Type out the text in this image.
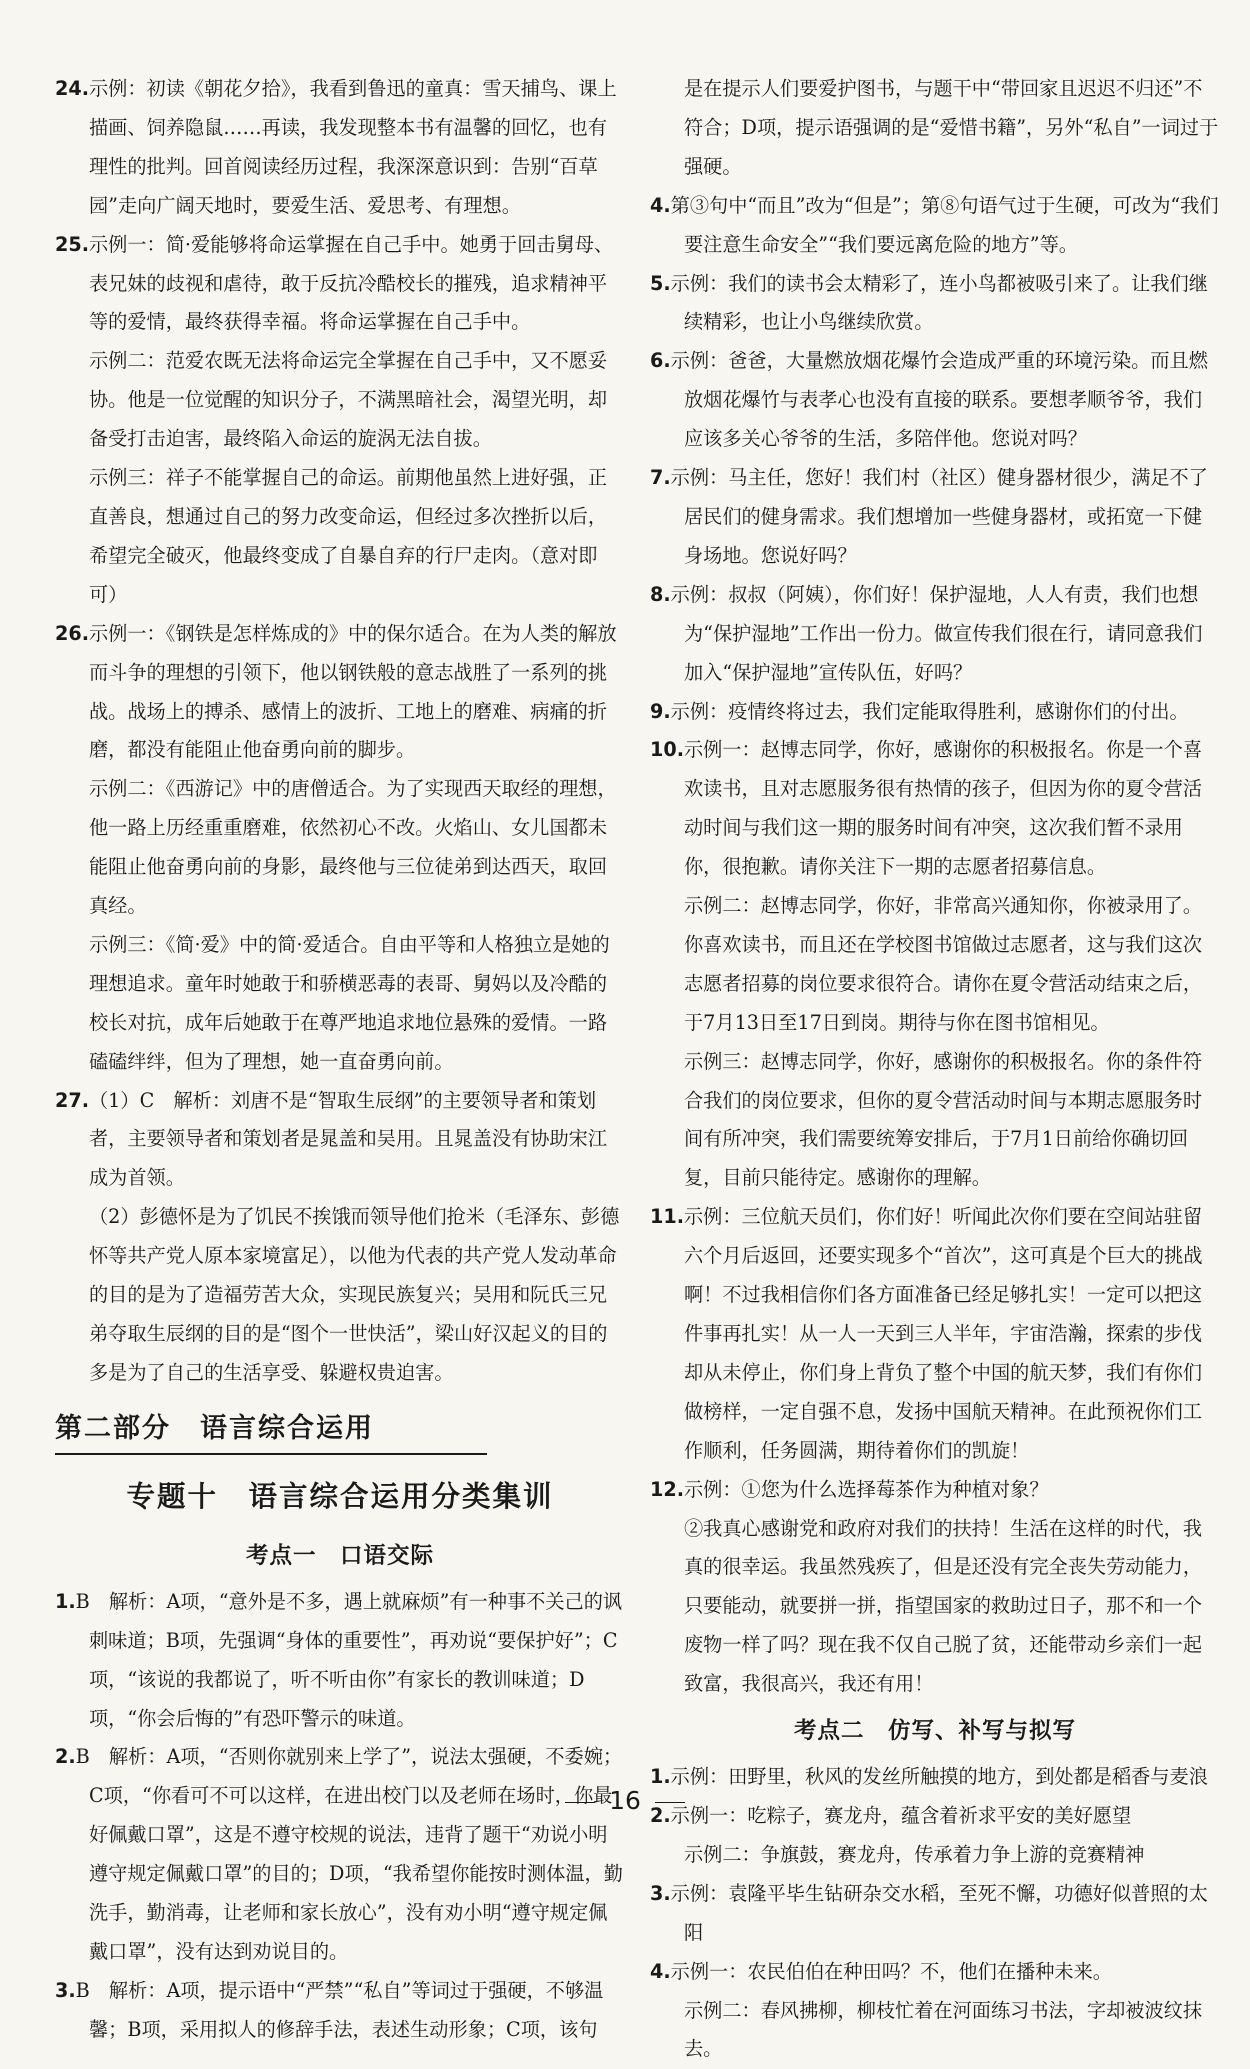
24.示例：初读《朝花夕拾》，我看到鲁迅的童真：雪天捕鸟、课上描画、饲养隐鼠……再读，我发现整本书有温馨的回忆，也有理性的批判。回首阅读经历过程，我深深意识到：告别“百草园”走向广阔天地时，要爱生活、爱思考、有理想。

25.示例一：简·爱能够将命运掌握在自己手中。她勇于回击舅母、表兄妹的歧视和虐待，敢于反抗冷酷校长的摧残，追求精神平等的爱情，最终获得幸福。将命运掌握在自己手中。

示例二：范爱农既无法将命运完全掌握在自己手中，又不愿妥协。他是一位觉醒的知识分子，不满黑暗社会，渴望光明，却备受打击迫害，最终陷入命运的旋涡无法自拔。

示例三：祥子不能掌握自己的命运。前期他虽然上进好强，正直善良，想通过自己的努力改变命运，但经过多次挫折以后，希望完全破灭，他最终变成了自暴自弃的行尸走肉。（意对即可）

26.示例一：《钢铁是怎样炼成的》中的保尔适合。在为人类的解放而斗争的理想的引领下，他以钢铁般的意志战胜了一系列的挑战。战场上的搏杀、感情上的波折、工地上的磨难、病痛的折磨，都没有能阻止他奋勇向前的脚步。

示例二：《西游记》中的唐僧适合。为了实现西天取经的理想，他一路上历经重重磨难，依然初心不改。火焰山、女儿国都未能阻止他奋勇向前的身影，最终他与三位徒弟到达西天，取回真经。

示例三：《简·爱》中的简·爱适合。自由平等和人格独立是她的理想追求。童年时她敢于和骄横恶毒的表哥、舅妈以及冷酷的校长对抗，成年后她敢于在尊严地追求地位悬殊的爱情。一路磕磕绊绊，但为了理想，她一直奋勇向前。

27.（1）C　解析：刘唐不是“智取生辰纲”的主要领导者和策划者，主要领导者和策划者是晁盖和吴用。且晁盖没有协助宋江成为首领。

（2）彭德怀是为了饥民不挨饿而领导他们抢米（毛泽东、彭德怀等共产党人原本家境富足），以他为代表的共产党人发动革命的目的是为了造福劳苦大众，实现民族复兴；吴用和阮氏三兄弟夺取生辰纲的目的是“图个一世快活”，梁山好汉起义的目的多是为了自己的生活享受、躲避权贵迫害。

第二部分　语言综合运用
专题十　语言综合运用分类集训
考点一　口语交际

1.B　解析：A项，“意外是不多，遇上就麻烦”有一种事不关己的讽刺味道；B项，先强调“身体的重要性”，再劝说“要保护好”；C项，“该说的我都说了，听不听由你”有家长的教训味道；D项，“你会后悔的”有恐吓警示的味道。

2.B　解析：A项，“否则你就别来上学了”，说法太强硬，不委婉；C项，“你看可不可以这样，在进出校门以及老师在场时，你最好佩戴口罩”，这是不遵守校规的说法，违背了题干“劝说小明遵守规定佩戴口罩”的目的；D项，“我希望你能按时测体温，勤洗手，勤消毒，让老师和家长放心”，没有劝小明“遵守规定佩戴口罩”，没有达到劝说目的。

3.B　解析：A项，提示语中“严禁”“私自”等词过于强硬，不够温馨；B项，采用拟人的修辞手法，表述生动形象；C项，该句

是在提示人们要爱护图书，与题干中“带回家且迟迟不归还”不符合；D项，提示语强调的是“爱惜书籍”，另外“私自”一词过于强硬。

4.第③句中“而且”改为“但是”；第⑧句语气过于生硬，可改为“我们要注意生命安全”“我们要远离危险的地方”等。

5.示例：我们的读书会太精彩了，连小鸟都被吸引来了。让我们继续精彩，也让小鸟继续欣赏。

6.示例：爸爸，大量燃放烟花爆竹会造成严重的环境污染。而且燃放烟花爆竹与表孝心也没有直接的联系。要想孝顺爷爷，我们应该多关心爷爷的生活，多陪伴他。您说对吗？

7.示例：马主任，您好！我们村（社区）健身器材很少，满足不了居民们的健身需求。我们想增加一些健身器材，或拓宽一下健身场地。您说好吗？

8.示例：叔叔（阿姨），你们好！保护湿地，人人有责，我们也想为“保护湿地”工作出一份力。做宣传我们很在行，请同意我们加入“保护湿地”宣传队伍，好吗？

9.示例：疫情终将过去，我们定能取得胜利，感谢你们的付出。

10.示例一：赵博志同学，你好，感谢你的积极报名。你是一个喜欢读书，且对志愿服务很有热情的孩子，但因为你的夏令营活动时间与我们这一期的服务时间有冲突，这次我们暂不录用你，很抱歉。请你关注下一期的志愿者招募信息。

示例二：赵博志同学，你好，非常高兴通知你，你被录用了。你喜欢读书，而且还在学校图书馆做过志愿者，这与我们这次志愿者招募的岗位要求很符合。请你在夏令营活动结束之后，于7月13日至17日到岗。期待与你在图书馆相见。

示例三：赵博志同学，你好，感谢你的积极报名。你的条件符合我们的岗位要求，但你的夏令营活动时间与本期志愿服务时间有所冲突，我们需要统筹安排后，于7月1日前给你确切回复，目前只能待定。感谢你的理解。

11.示例：三位航天员们，你们好！听闻此次你们要在空间站驻留六个月后返回，还要实现多个“首次”，这可真是个巨大的挑战啊！不过我相信你们各方面准备已经足够扎实！一定可以把这件事再扎实！从一人一天到三人半年，宇宙浩瀚，探索的步伐却从未停止，你们身上背负了整个中国的航天梦，我们有你们做榜样，一定自强不息，发扬中国航天精神。在此预祝你们工作顺利，任务圆满，期待着你们的凯旋！

12.示例：①您为什么选择莓茶作为种植对象？

②我真心感谢党和政府对我们的扶持！生活在这样的时代，我真的很幸运。我虽然残疾了，但是还没有完全丧失劳动能力，只要能动，就要拼一拼，指望国家的救助过日子，那不和一个废物一样了吗？现在我不仅自己脱了贫，还能带动乡亲们一起致富，我很高兴，我还有用！

考点二　仿写、补写与拟写

1.示例：田野里，秋风的发丝所触摸的地方，到处都是稻香与麦浪

2.示例一：吃粽子，赛龙舟，蕴含着祈求平安的美好愿望

示例二：争旗鼓，赛龙舟，传承着力争上游的竞赛精神

3.示例：袁隆平毕生钻研杂交水稻，至死不懈，功德好似普照的太阳

4.示例一：农民伯伯在种田吗？不，他们在播种未来。

示例二：春风拂柳，柳枝忙着在河面练习书法，字却被波纹抹去。

16
